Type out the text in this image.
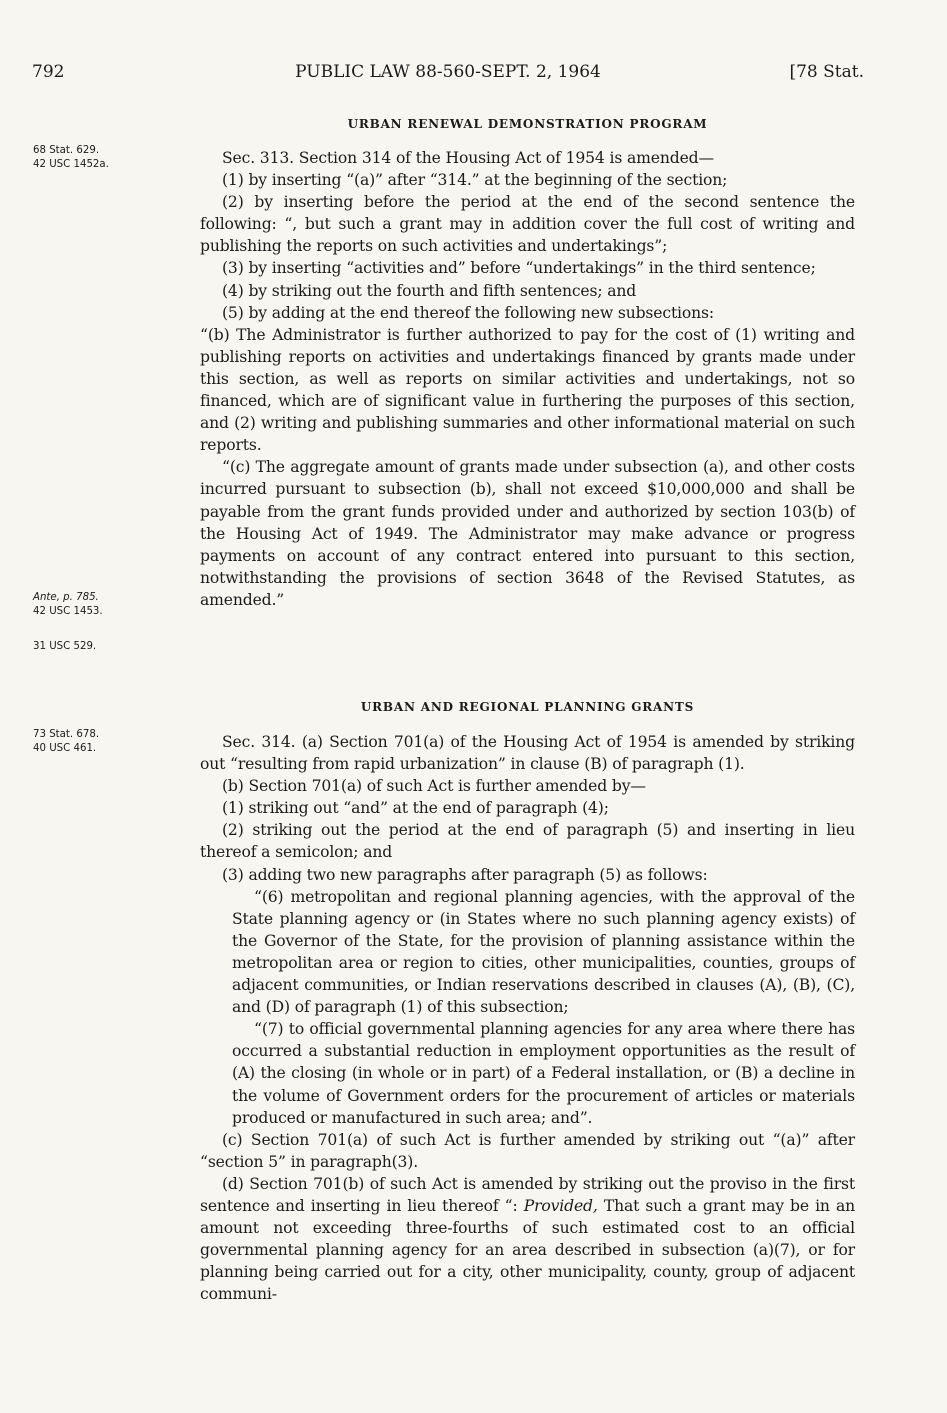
792	PUBLIC LAW 88-560-SEPT. 2, 1964	[78 Stat.
URBAN RENEWAL DEMONSTRATION PROGRAM
68 Stat. 629.
42 USC 1452a.	Sec. 313. Section 314 of the Housing Act of 1954 is amended—

(1) by inserting “(a)” after “314.” at the beginning of the section;

(2) by inserting before the period at the end of the second sentence the following: “, but such a grant may in addition cover the full cost of writing and publishing the reports on such activities and undertakings”;

(3) by inserting “activities and” before “undertakings” in the third sentence;

(4) by striking out the fourth and fifth sentences; and

(5) by adding at the end thereof the following new subsections:

“(b) The Administrator is further authorized to pay for the cost of (1) writing and publishing reports on activities and undertakings financed by grants made under this section, as well as reports on similar activities and undertakings, not so financed, which are of significant value in furthering the purposes of this section, and (2) writing and publishing summaries and other informational material on such reports.

“(c) The aggregate amount of grants made under subsection (a), and other costs incurred pursuant to subsection (b), shall not exceed $10,000,000 and shall be payable from the grant funds provided under and authorized by section 103(b) of the Housing Act of 1949. The Administrator may make advance or progress payments on account of any contract entered into pursuant to this section, notwithstanding the provisions of section 3648 of the Revised Statutes, as amended.”

Ante, p. 785.
42 USC 1453.
31 USC 529.
URBAN AND REGIONAL PLANNING GRANTS
73 Stat. 678.
40 USC 461.	Sec. 314. (a) Section 701(a) of the Housing Act of 1954 is amended by striking out “resulting from rapid urbanization” in clause (B) of paragraph (1).

(b) Section 701(a) of such Act is further amended by—

(1) striking out “and” at the end of paragraph (4);

(2) striking out the period at the end of paragraph (5) and inserting in lieu thereof a semicolon; and

(3) adding two new paragraphs after paragraph (5) as follows:

“(6) metropolitan and regional planning agencies, with the approval of the State planning agency or (in States where no such planning agency exists) of the Governor of the State, for the provision of planning assistance within the metropolitan area or region to cities, other municipalities, counties, groups of adjacent communities, or Indian reservations described in clauses (A), (B), (C), and (D) of paragraph (1) of this subsection;

“(7) to official governmental planning agencies for any area where there has occurred a substantial reduction in employment opportunities as the result of (A) the closing (in whole or in part) of a Federal installation, or (B) a decline in the volume of Government orders for the procurement of articles or materials produced or manufactured in such area; and”.

(c) Section 701(a) of such Act is further amended by striking out “(a)” after “section 5” in paragraph(3).

(d) Section 701(b) of such Act is amended by striking out the proviso in the first sentence and inserting in lieu thereof “: Provided, That such a grant may be in an amount not exceeding three-fourths of such estimated cost to an official governmental planning agency for an area described in subsection (a)(7), or for planning being carried out for a city, other municipality, county, group of adjacent communi-
